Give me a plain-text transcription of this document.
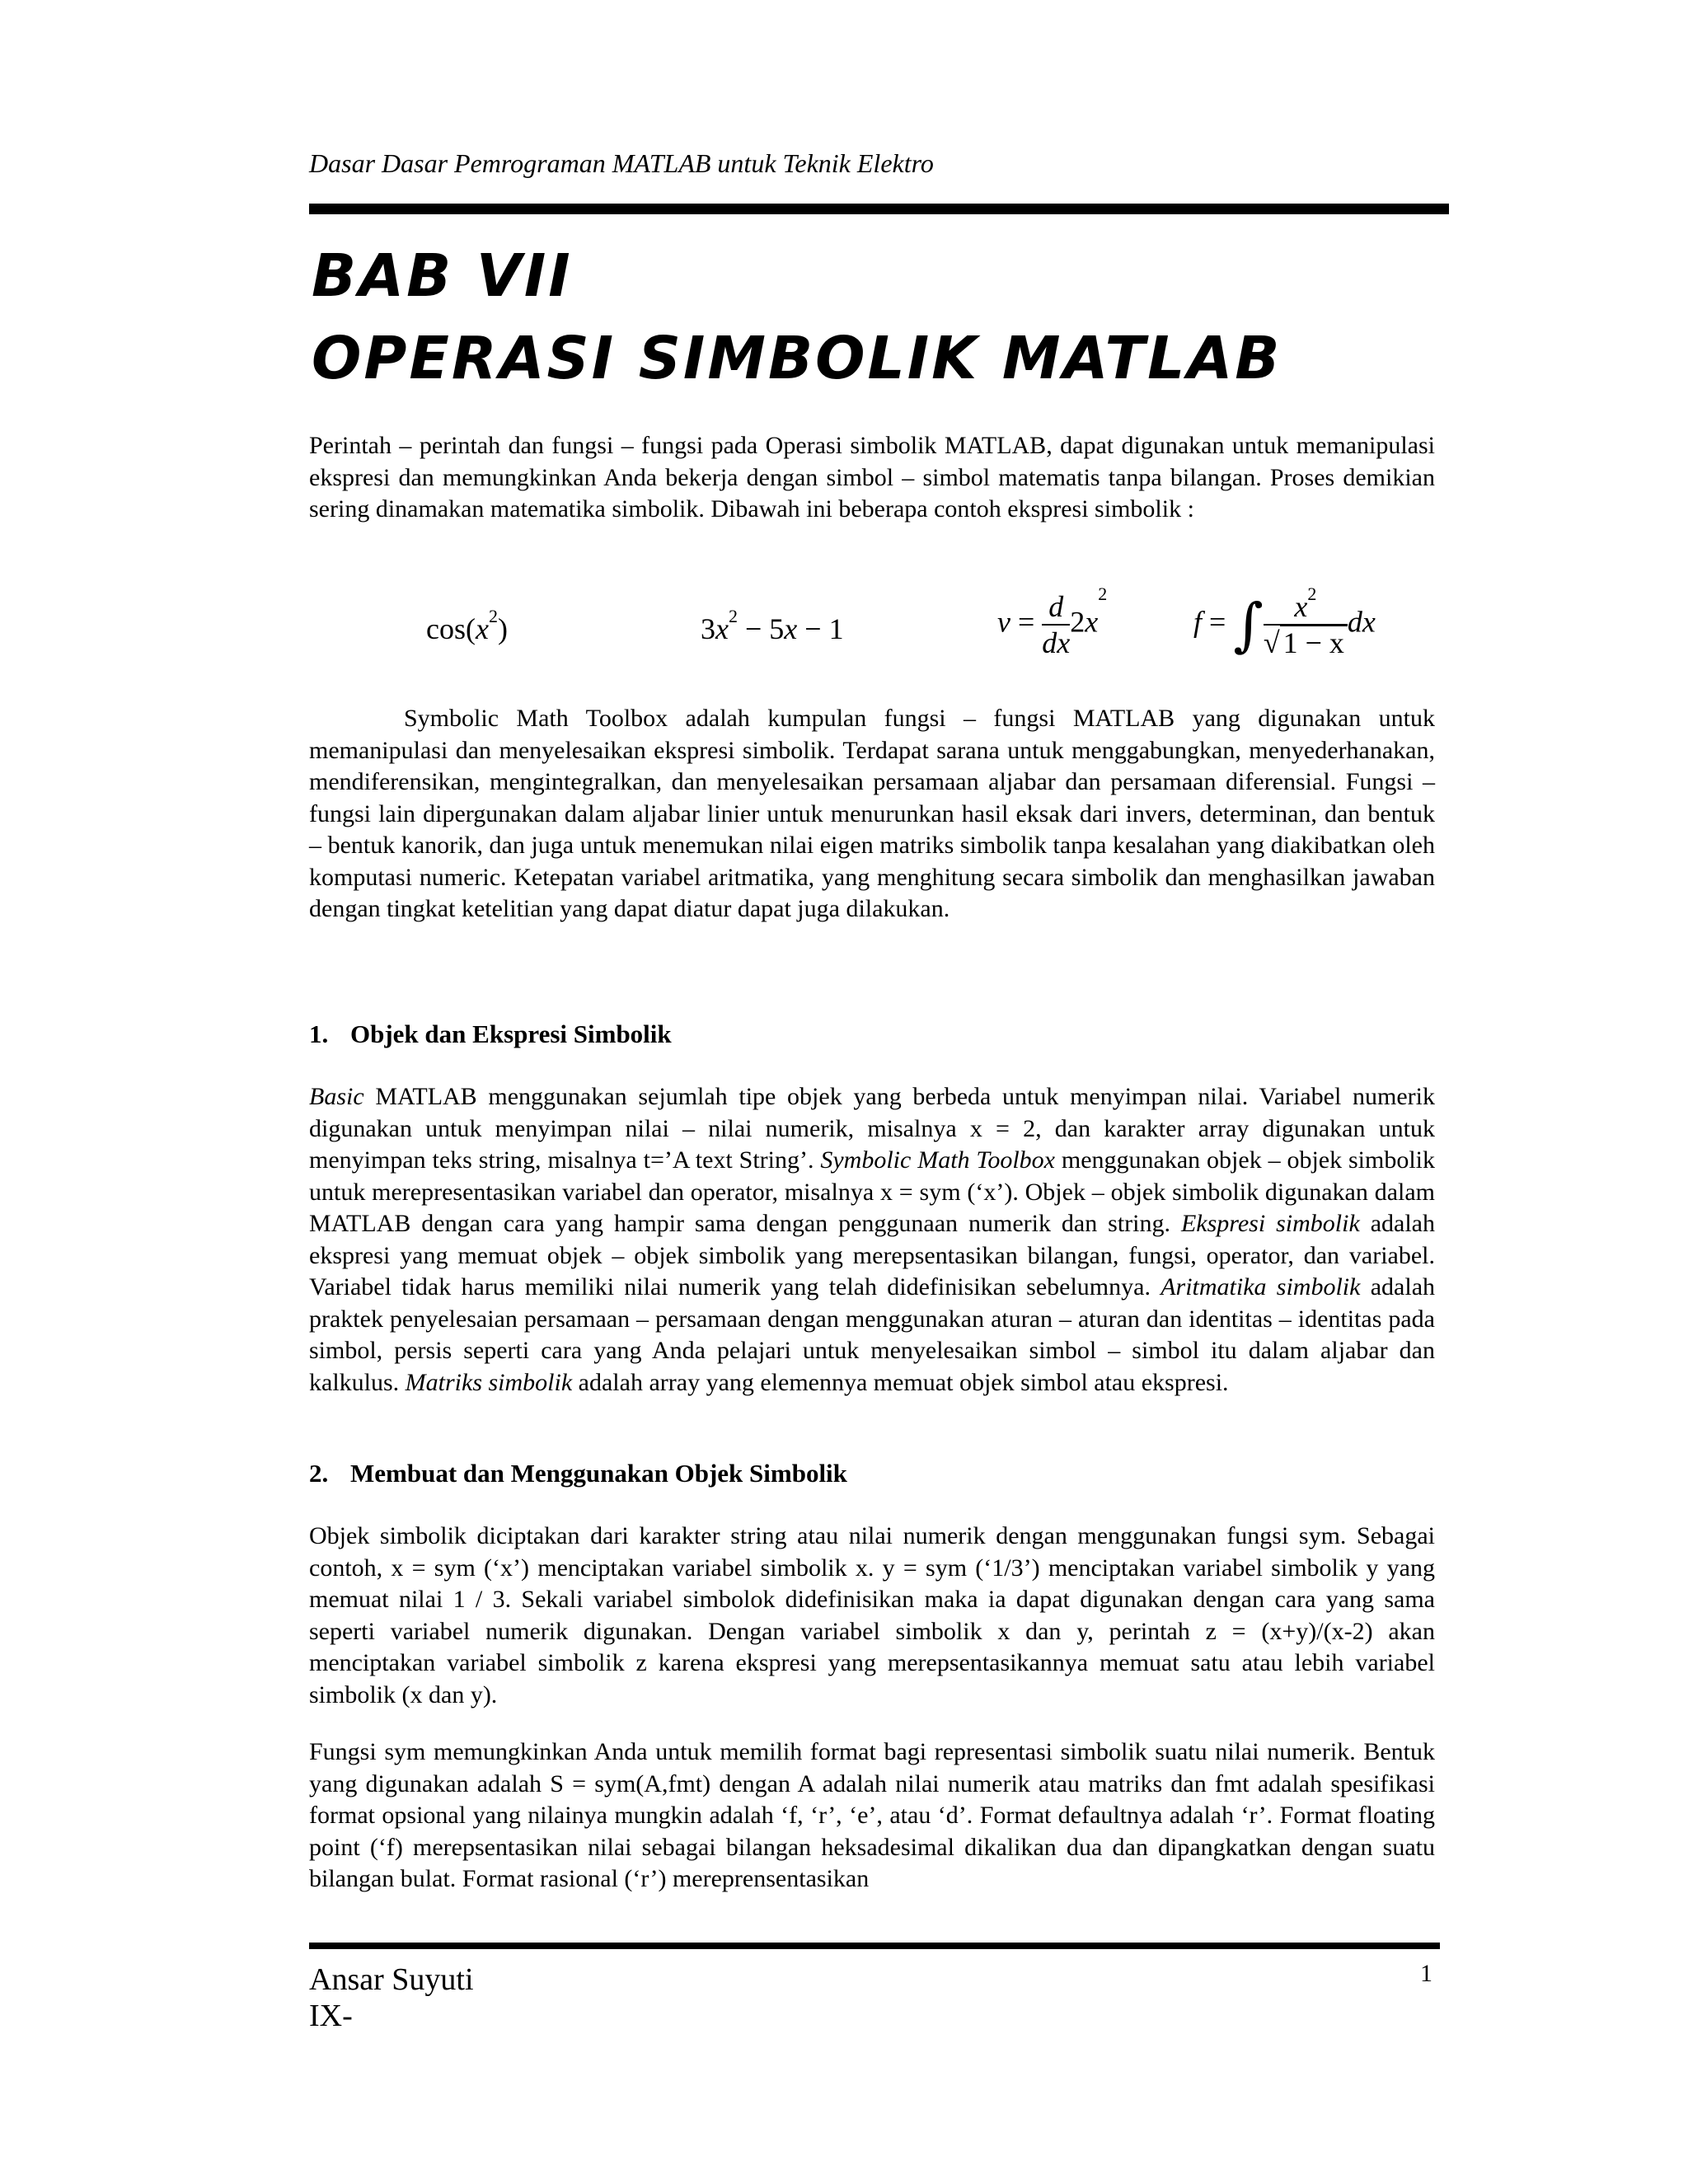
Dasar Dasar Pemrograman MATLAB untuk Teknik Elektro
BAB VII
OPERASI SIMBOLIK MATLAB

Perintah – perintah dan fungsi – fungsi pada Operasi simbolik MATLAB, dapat digunakan untuk memanipulasi ekspresi dan memungkinkan Anda bekerja dengan simbol – simbol matematis tanpa bilangan. Proses demikian sering dinamakan matematika simbolik. Dibawah ini beberapa contoh ekspresi simbolik :

$\cos(x^2)$	$3x^2 - 5x - 1$	$v = \frac{d}{dx} 2x^2$
f = ∫ $\frac{x^2}{√ 1 - x}$ dx

Symbolic Math Toolbox adalah kumpulan fungsi – fungsi MATLAB yang digunakan untuk memanipulasi dan menyelesaikan ekspresi simbolik. Terdapat sarana untuk menggabungkan, menyederhanakan, mendiferensikan, mengintegralkan, dan menyelesaikan persamaan aljabar dan persamaan diferensial. Fungsi – fungsi lain dipergunakan dalam aljabar linier untuk menurunkan hasil eksak dari invers, determinan, dan bentuk – bentuk kanorik, dan juga untuk menemukan nilai eigen matriks simbolik tanpa kesalahan yang diakibatkan oleh komputasi numeric. Ketepatan variabel aritmatika, yang menghitung secara simbolik dan menghasilkan jawaban dengan tingkat ketelitian yang dapat diatur dapat juga dilakukan.

1. Objek dan Ekspresi Simbolik

Basic MATLAB menggunakan sejumlah tipe objek yang berbeda untuk menyimpan nilai. Variabel numerik digunakan untuk menyimpan nilai – nilai numerik, misalnya x = 2, dan karakter array digunakan untuk menyimpan teks string, misalnya t=’A text String’. Symbolic Math Toolbox menggunakan objek – objek simbolik untuk merepresentasikan variabel dan operator, misalnya x = sym (‘x’). Objek – objek simbolik digunakan dalam MATLAB dengan cara yang hampir sama dengan penggunaan numerik dan string. Ekspresi simbolik adalah ekspresi yang memuat objek – objek simbolik yang merepsentasikan bilangan, fungsi, operator, dan variabel. Variabel tidak harus memiliki nilai numerik yang telah didefinisikan sebelumnya. Aritmatika simbolik adalah praktek penyelesaian persamaan – persamaan dengan menggunakan aturan – aturan dan identitas – identitas pada simbol, persis seperti cara yang Anda pelajari untuk menyelesaikan simbol – simbol itu dalam aljabar dan kalkulus. Matriks simbolik adalah array yang elemennya memuat objek simbol atau ekspresi.

2. Membuat dan Menggunakan Objek Simbolik

Objek simbolik diciptakan dari karakter string atau nilai numerik dengan menggunakan fungsi sym. Sebagai contoh, x = sym (‘x’) menciptakan variabel simbolik x. y = sym (‘1/3’) menciptakan variabel simbolik y yang memuat nilai 1 / 3. Sekali variabel simbolok didefinisikan maka ia dapat digunakan dengan cara yang sama seperti variabel numerik digunakan. Dengan variabel simbolik x dan y, perintah z = (x+y)/(x-2) akan menciptakan variabel simbolik z karena ekspresi yang merepsentasikannya memuat satu atau lebih variabel simbolik (x dan y).

Fungsi sym memungkinkan Anda untuk memilih format bagi representasi simbolik suatu nilai numerik. Bentuk yang digunakan adalah S = sym(A,fmt) dengan A adalah nilai numerik atau matriks dan fmt adalah spesifikasi format opsional yang nilainya mungkin adalah ‘f, ‘r’, ‘e’, atau ‘d’. Format defaultnya adalah ‘r’. Format floating point (‘f) merepsentasikan nilai sebagai bilangan heksadesimal dikalikan dua dan dipangkatkan dengan suatu bilangan bulat. Format rasional (‘r’) mereprensentasikan

Ansar Suyuti
IX-
1
